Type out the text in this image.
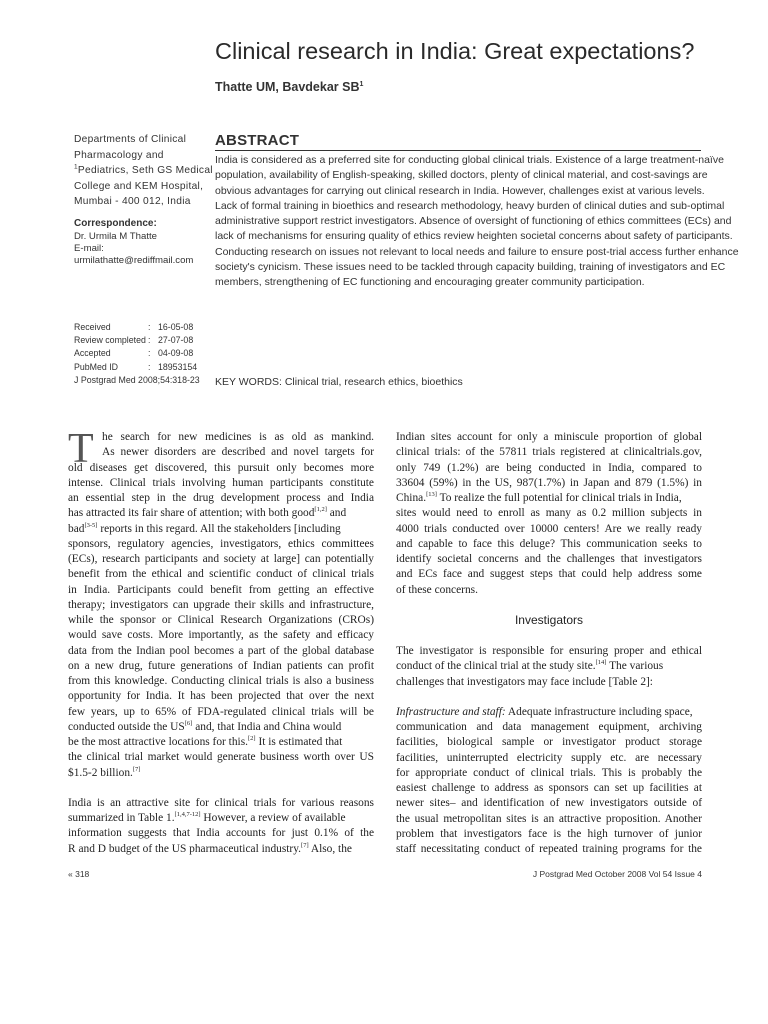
Clinical research in India: Great expectations?
Thatte UM, Bavdekar $SB^1$
Departments of Clinical
Pharmacology and
$^1$Pediatrics, Seth GS Medical
College and KEM Hospital,
Mumbai - 400 012, India
Correspondence:
Dr. Urmila M Thatte
E-mail:
urmilathatte@rediffmail.com
ABSTRACT
India is considered as a preferred site for conducting global clinical trials. Existence of a large treatment-naïve
population, availability of English-speaking, skilled doctors, plenty of clinical material, and cost-savings are
obvious advantages for carrying out clinical research in India. However, challenges exist at various levels.
Lack of formal training in bioethics and research methodology, heavy burden of clinical duties and sub-optimal
administrative support restrict investigators. Absence of oversight of functioning of ethics committees (ECs) and
lack of mechanisms for ensuring quality of ethics review heighten societal concerns about safety of participants.
Conducting research on issues not relevant to local needs and failure to ensure post-trial access further enhance
society's cynicism. These issues need to be tackled through capacity building, training of investigators and EC
members, strengthening of EC functioning and encouraging greater community participation.
Received	: 16-05-08
Review completed : 27-07-08
Accepted	: 04-09-08
PubMed ID	: 18953154
J Postgrad Med 2008;54:318-23 KEY WORDS: Clinical trial, research ethics, bioethics
T he search for new medicines is as old as mankind.
As newer disorders are described and novel targets for
old diseases get discovered, this pursuit only becomes more
intense. Clinical trials involving human participants constitute
an essential step in the drug development process and India
has attracted its fair share of attention; with both good[1,2] and
bad[3-5] reports in this regard. All the stakeholders [including
sponsors, regulatory agencies, investigators, ethics committees
(ECs), research participants and society at large] can potentially
benefit from the ethical and scientific conduct of clinical trials
in India. Participants could benefit from getting an effective
therapy; investigators can upgrade their skills and infrastructure,
while the sponsor or Clinical Research Organizations (CROs)
would save costs. More importantly, as the safety and efficacy
data from the Indian pool becomes a part of the global database
on a new drug, future generations of Indian patients can profit
from this knowledge. Conducting clinical trials is also a business
opportunity for India. It has been projected that over the next
few years, up to 65% of FDA-regulated clinical trials will be
conducted outside the US[6] and, that India and China would
be the most attractive locations for this.[2] It is estimated that
the clinical trial market would generate business worth over US
$1.5-2 billion.[7]
India is an attractive site for clinical trials for various reasons
summarized in Table 1.[1,4,7-12] However, a review of available
information suggests that India accounts for just 0.1% of the
R and D budget of the US pharmaceutical industry.[7] Also, the
Indian sites account for only a miniscule proportion of global
clinical trials: of the 57811 trials registered at clinicaltrials.gov,
only 749 (1.2%) are being conducted in India, compared to
33604 (59%) in the US, 987(1.7%) in Japan and 879 (1.5%) in
China.[13] To realize the full potential for clinical trials in India,
sites would need to enroll as many as 0.2 million subjects in
4000 trials conducted over 10000 centers! Are we really ready
and capable to face this deluge? This communication seeks to
identify societal concerns and the challenges that investigators
and ECs face and suggest steps that could help address some
of these concerns.
Investigators
The investigator is responsible for ensuring proper and ethical
conduct of the clinical trial at the study site.[14] The various
challenges that investigators may face include [Table 2]:
Infrastructure and staff: Adequate infrastructure including space,
communication and data management equipment, archiving
facilities, biological sample or investigator product storage
facilities, uninterrupted electricity supply etc. are necessary
for appropriate conduct of clinical trials. This is probably the
easiest challenge to address as sponsors can set up facilities at
newer sites– and identification of new investigators outside of
the usual metropolitan sites is an attractive proposition. Another
problem that investigators face is the high turnover of junior
staff necessitating conduct of repeated training programs for the
« 318	J Postgrad Med October 2008 Vol 54 Issue 4
